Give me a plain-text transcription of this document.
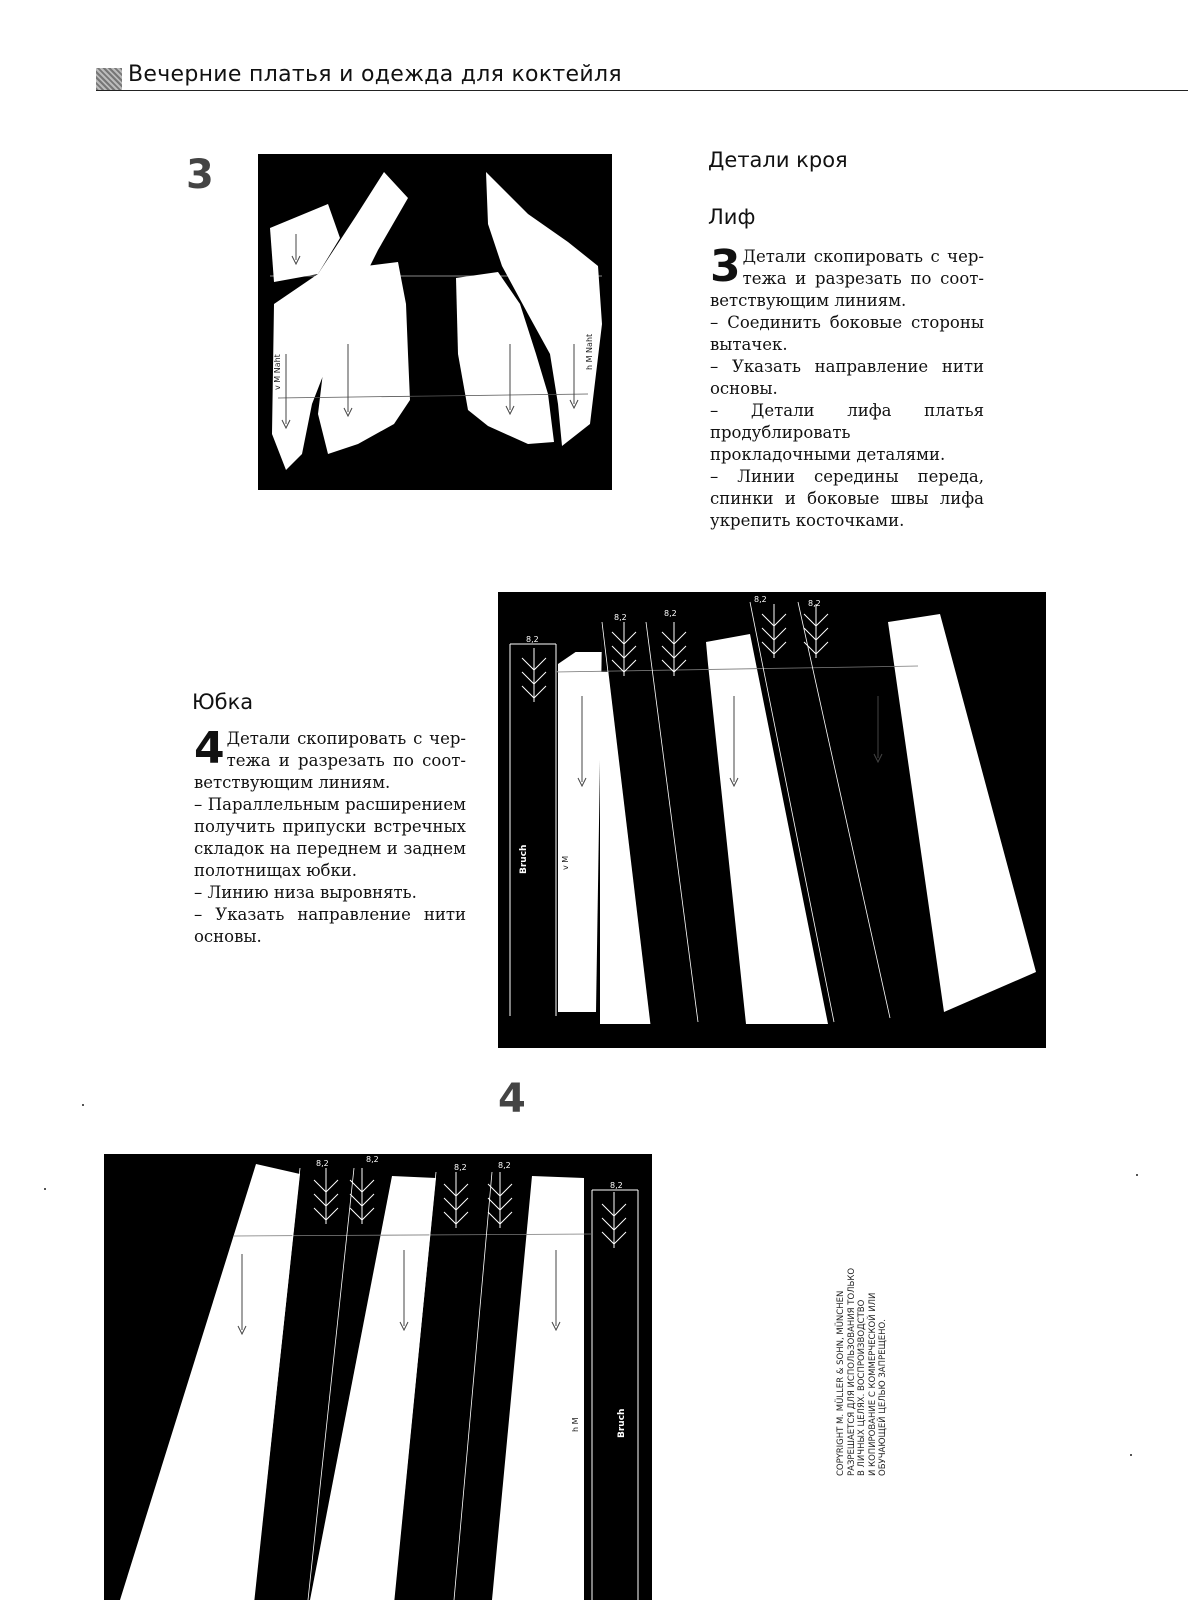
Вечерние платья и одежда для коктейля
3
v M Naht
h M Naht
Детали кроя
Лиф
3 Детали скопировать с чер-тежа и разрезать по соот-ветствующим линиям.

– Соединить боковые стороны вытачек.

– Указать направление нити основы.

– Детали лифа платья продублировать прокладочными деталями.

– Линии середины переда, спинки и боковые швы лифа укрепить косточками.

Юбка
4 Детали скопировать с чер-тежа и разрезать по соот-ветствующим линиям.

– Параллельным расширением получить припуски встречных складок на переднем и заднем полотнищах юбки.

– Линию низа выровнять.

– Указать направление нити основы.

Bruch	v M
8,2
8,2	8,2
8,2	8,2
4
Bruch
h M
8,2	8,2
8,2	8,2
8,2
COPYRIGHT M. MÜLLER & SOHN, MÜNCHEN РАЗРЕШАЕТСЯ ДЛЯ ИСПОЛЬЗОВАНИЯ ТОЛЬКО В ЛИЧНЫХ ЦЕЛЯХ. ВОСПРОИЗВОДСТВО И КОПИРОВАНИЕ С КОММЕРЧЕСКОЙ ИЛИ ОБУЧАЮЩЕЙ ЦЕЛЬЮ ЗАПРЕЩЕНО.
